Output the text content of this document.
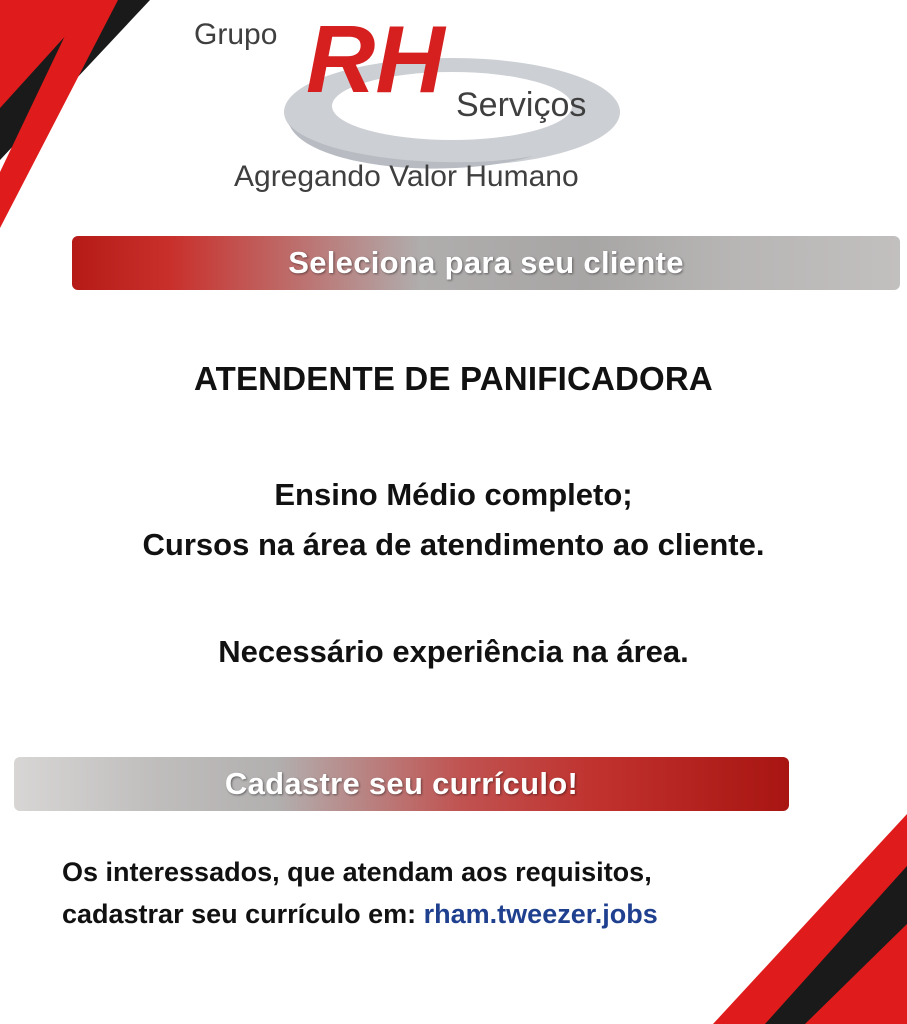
Grupo RH Serviços
Agregando Valor Humano
Seleciona para seu cliente
ATENDENTE DE PANIFICADORA
Ensino Médio completo;
Cursos na área de atendimento ao cliente.
Necessário experiência na área.
Cadastre seu currículo!
Os interessados, que atendam aos requisitos,
cadastrar seu currículo em: rham.tweezer.jobs
